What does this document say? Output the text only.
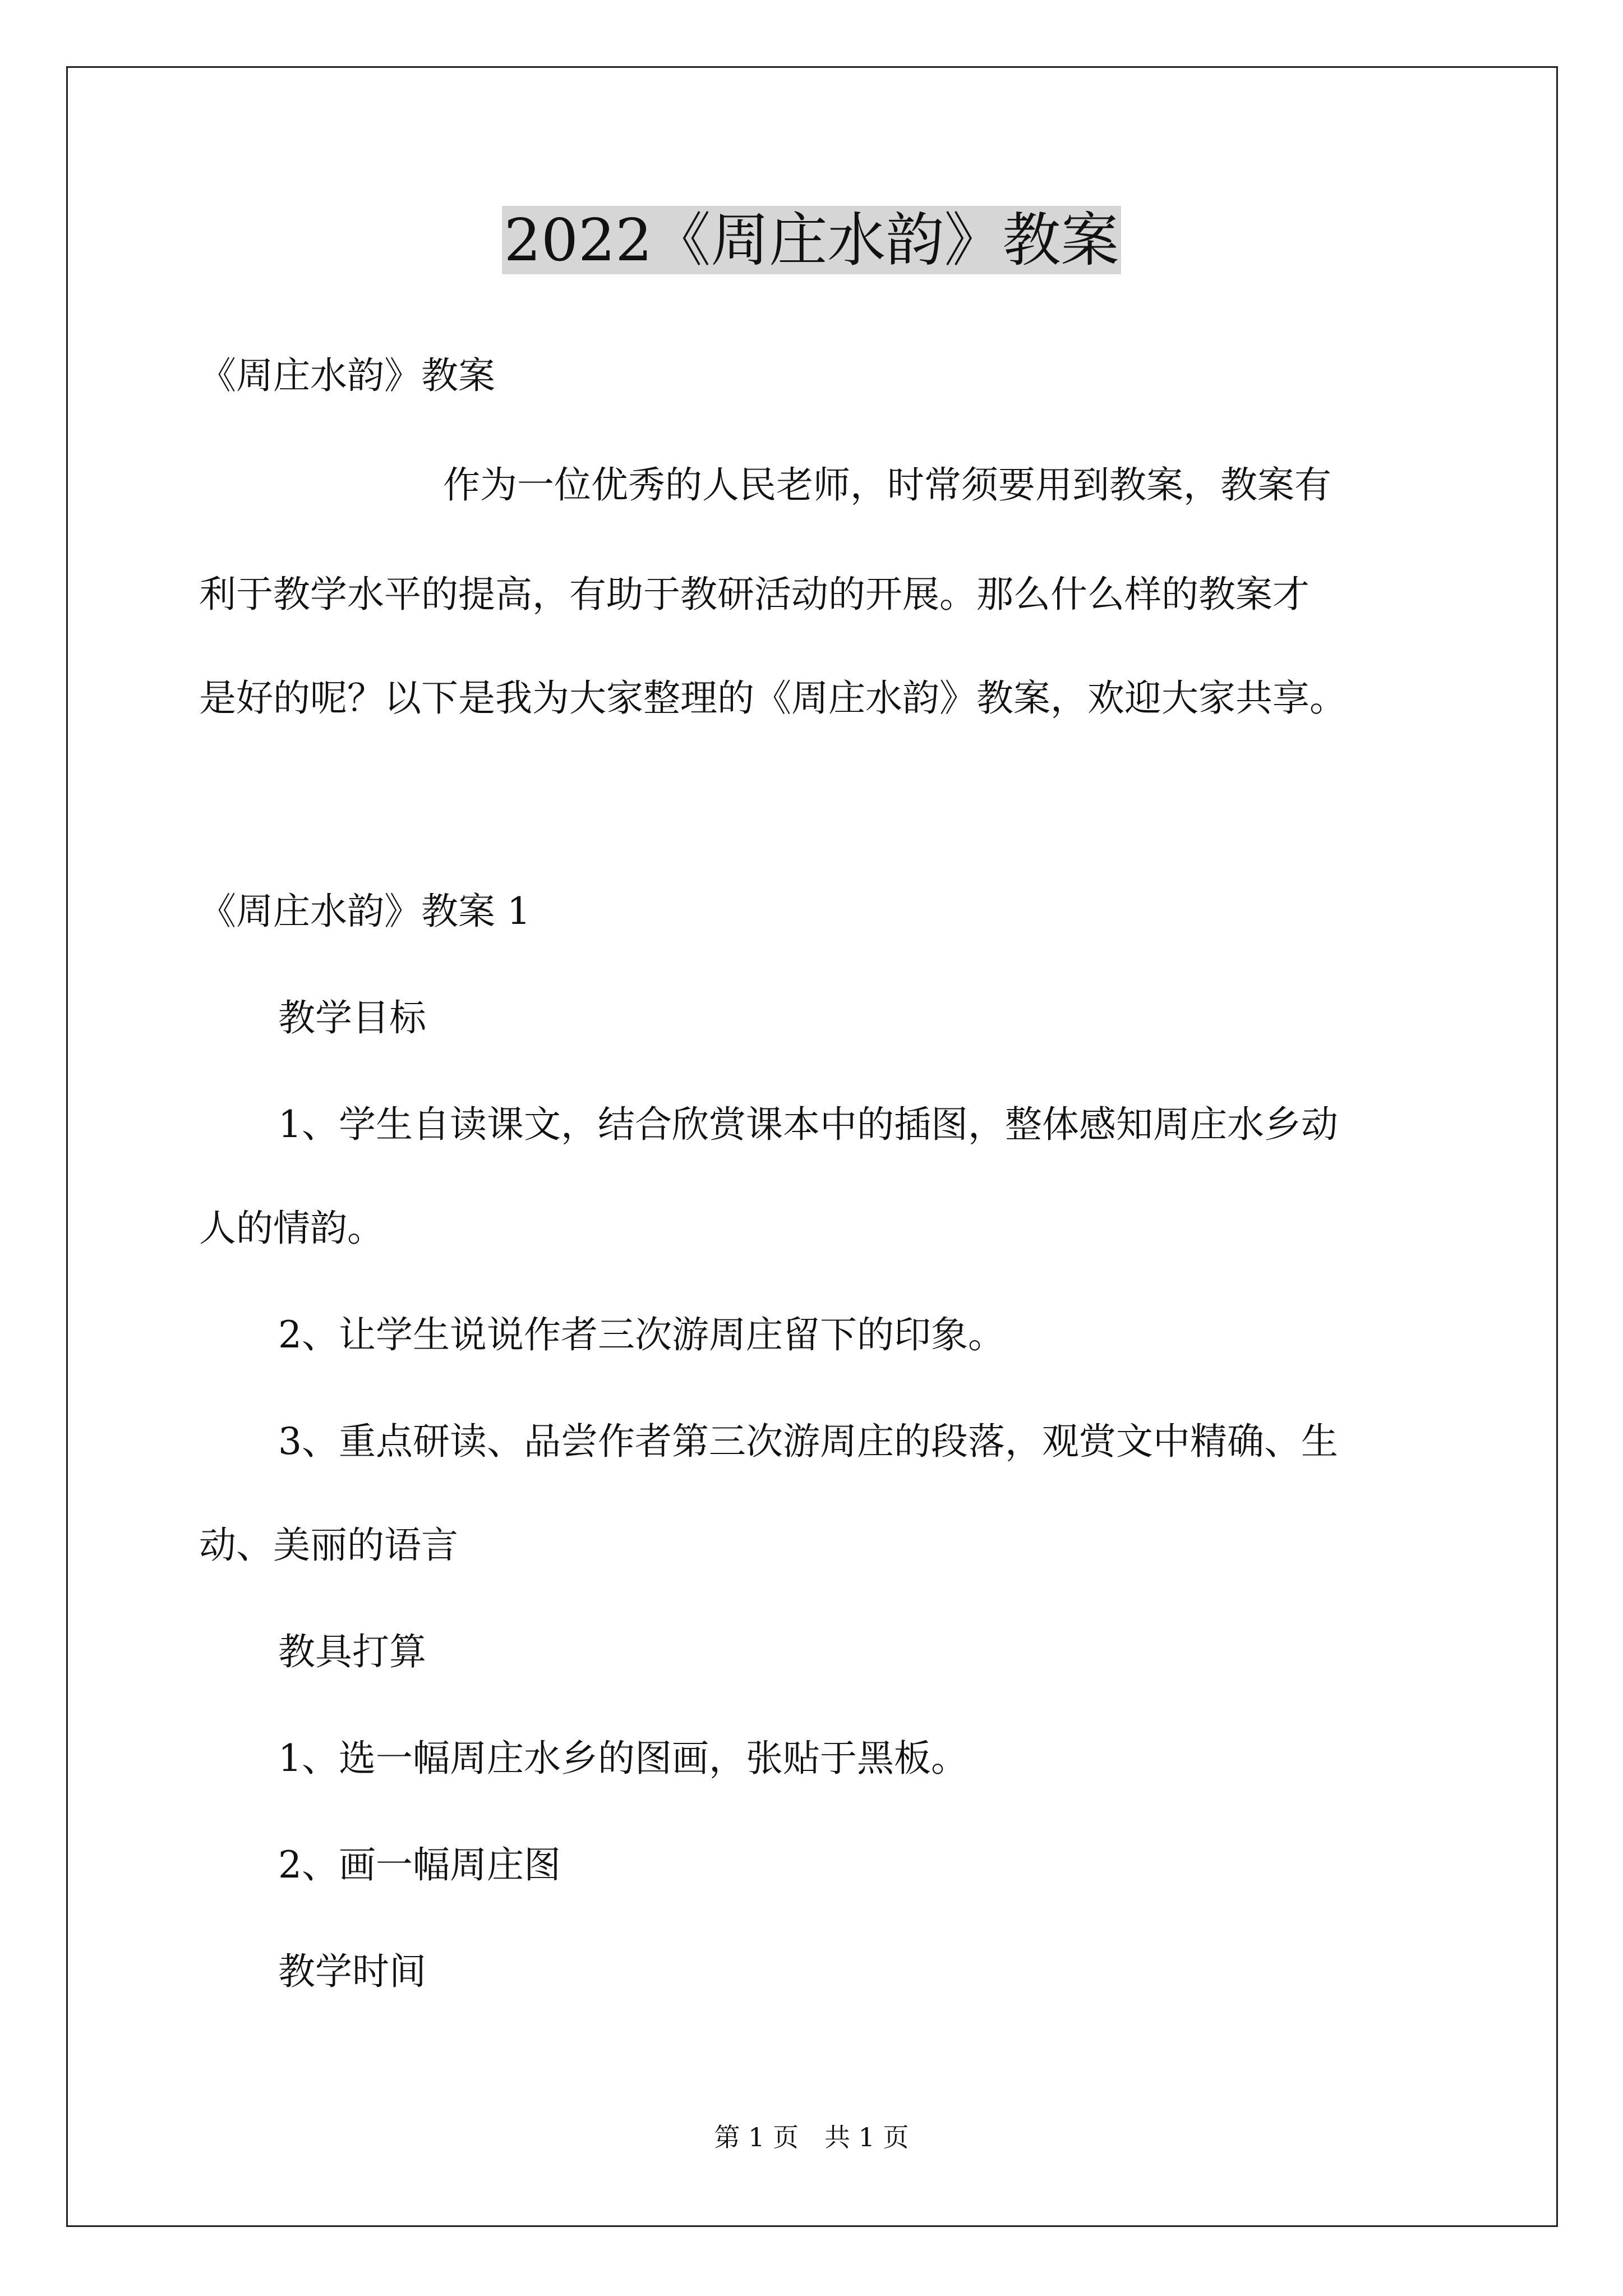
2022《周庄水韵》教案

《周庄水韵》教案

作为一位优秀的人民老师，时常须要用到教案，教案有

利于教学水平的提高，有助于教研活动的开展。那么什么样的教案才

是好的呢？以下是我为大家整理的《周庄水韵》教案，欢迎大家共享。

《周庄水韵》教案 1

教学目标

1、学生自读课文，结合欣赏课本中的插图，整体感知周庄水乡动

人的情韵。

2、让学生说说作者三次游周庄留下的印象。

3、重点研读、品尝作者第三次游周庄的段落，观赏文中精确、生

动、美丽的语言

教具打算

1、选一幅周庄水乡的图画，张贴于黑板。

2、画一幅周庄图

教学时间

第 1 页 共 1 页
